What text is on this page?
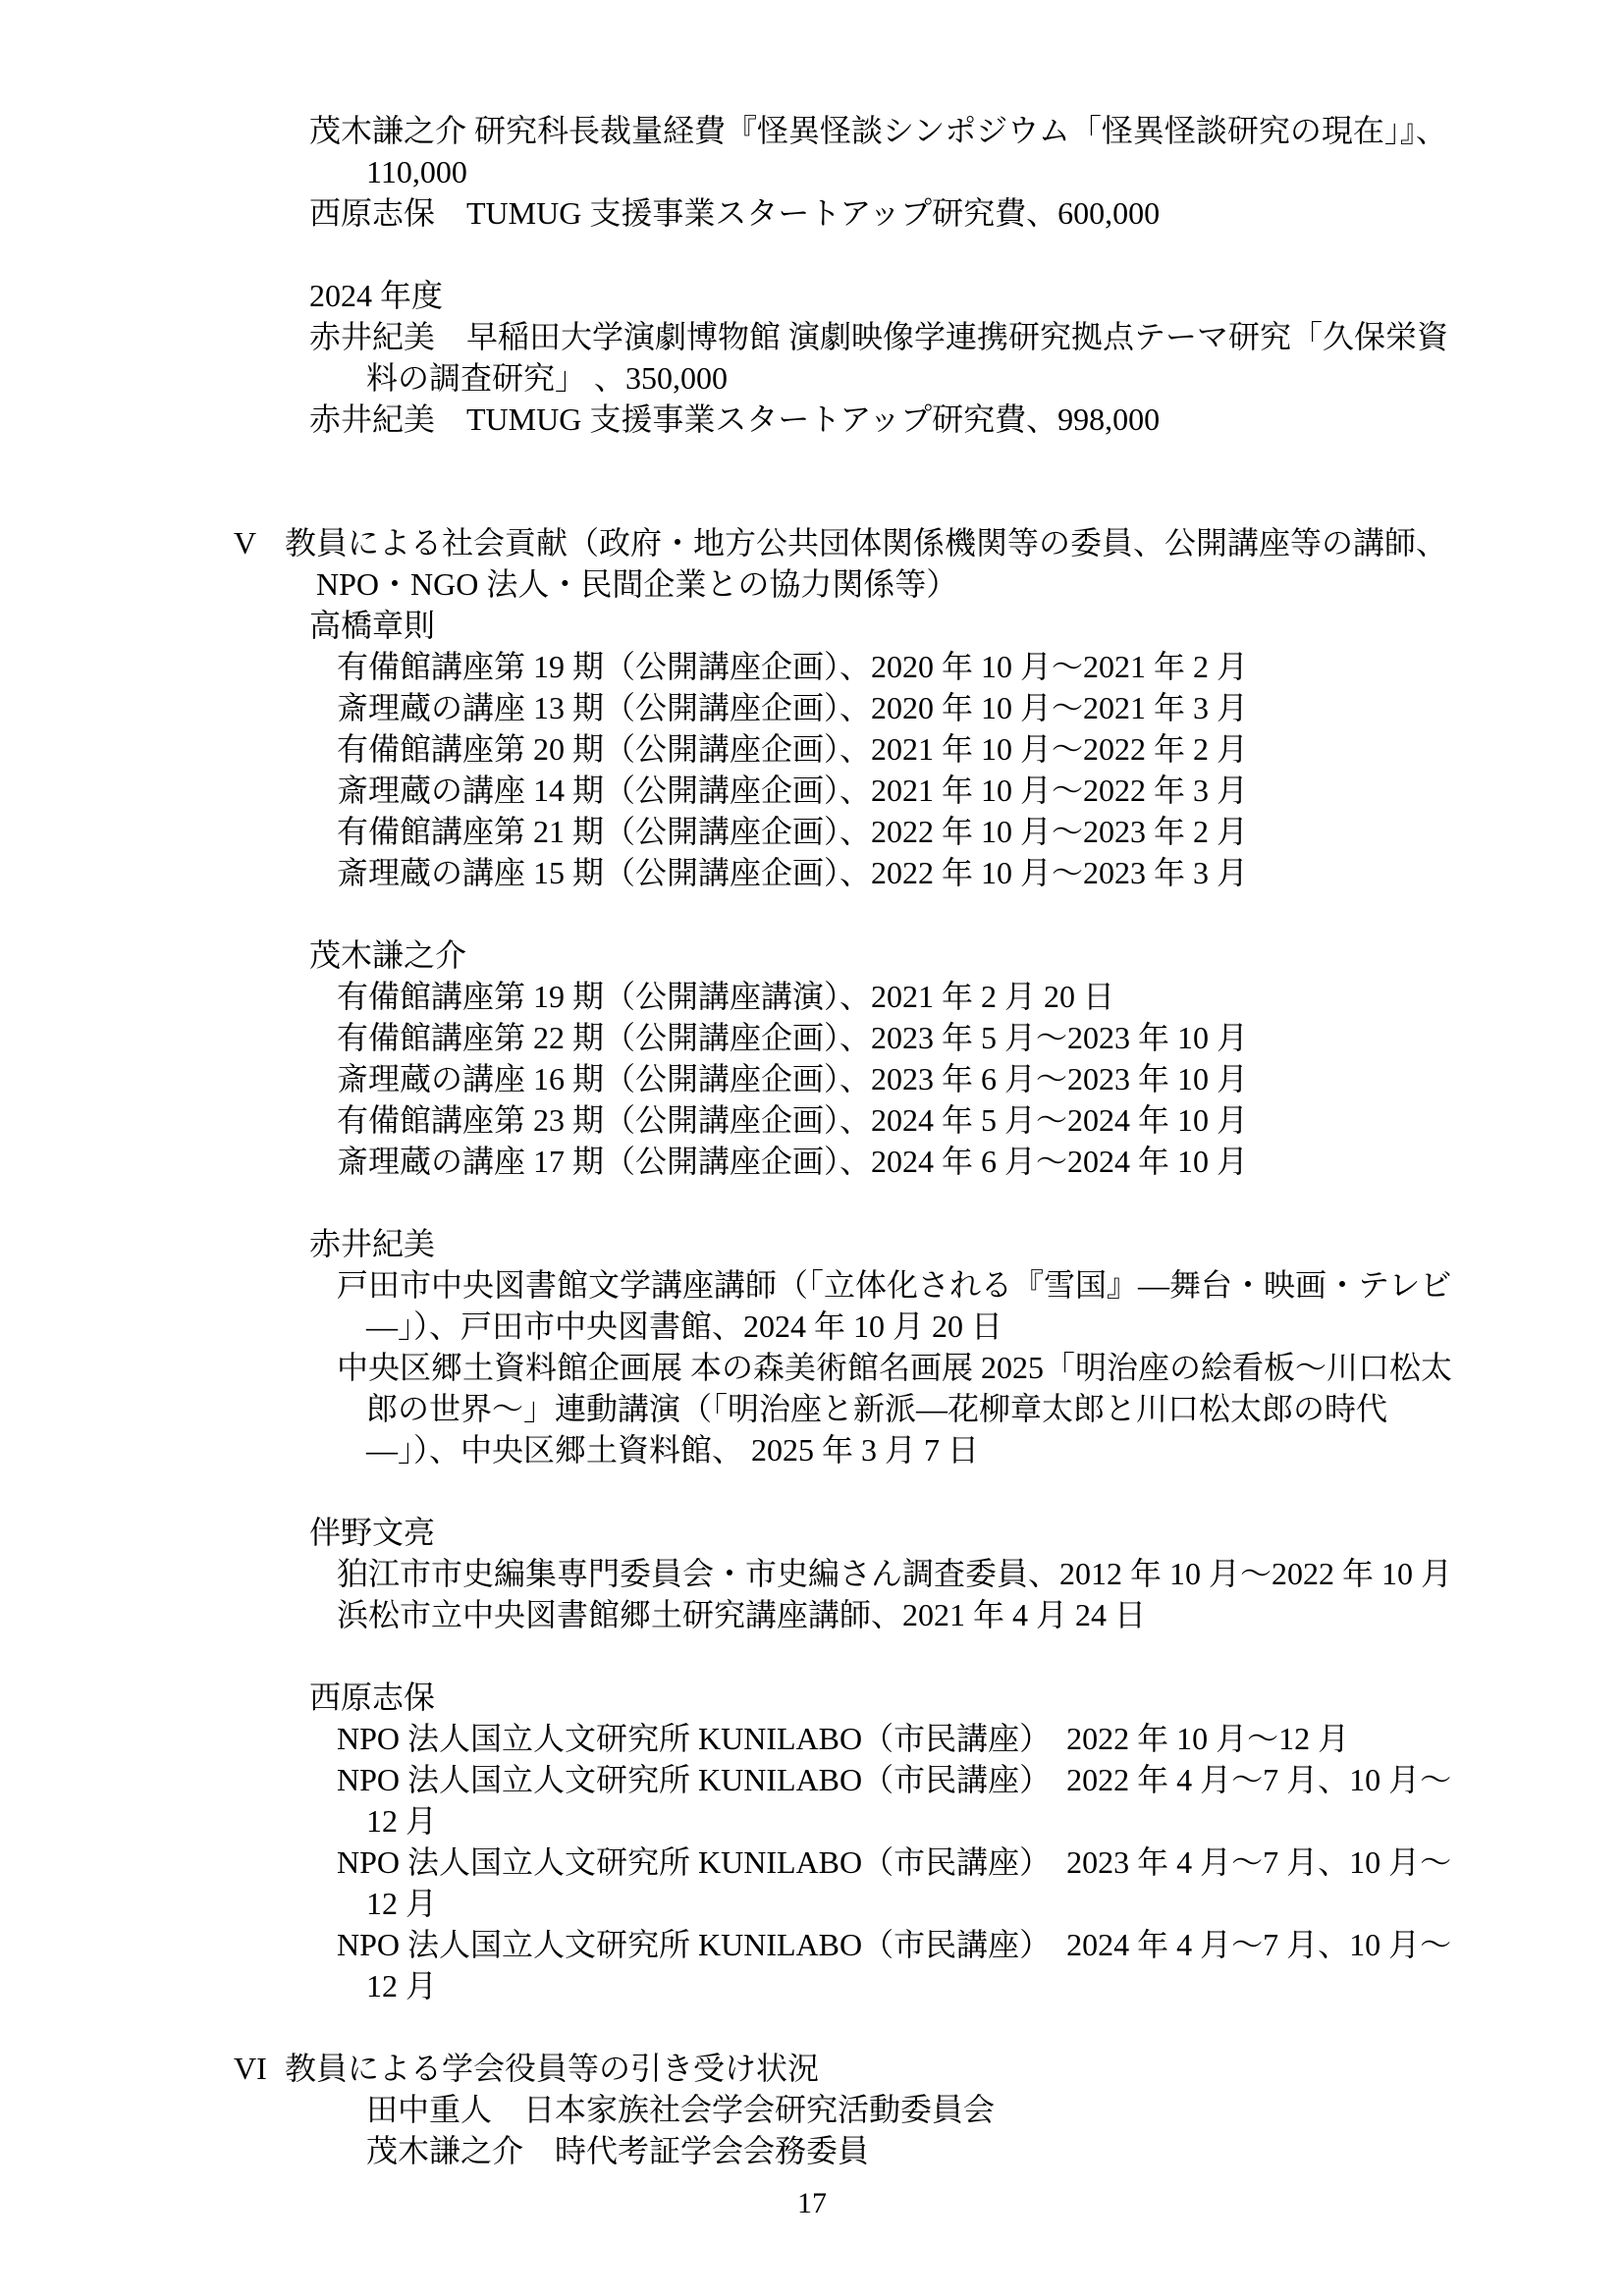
茂木謙之介 研究科長裁量経費『怪異怪談シンポジウム「怪異怪談研究の現在」』、
110,000
西原志保　TUMUG 支援事業スタートアップ研究費、600,000
2024 年度
赤井紀美　早稲田大学演劇博物館 演劇映像学連携研究拠点テーマ研究「久保栄資
料の調査研究」 、350,000
赤井紀美　TUMUG 支援事業スタートアップ研究費、998,000
V 教員による社会貢献（政府・地方公共団体関係機関等の委員、公開講座等の講師、
NPO・NGO 法人・民間企業との協力関係等）
高橋章則
有備館講座第 19 期（公開講座企画）、2020 年 10 月～2021 年 2 月
斎理蔵の講座 13 期（公開講座企画）、2020 年 10 月～2021 年 3 月
有備館講座第 20 期（公開講座企画）、2021 年 10 月～2022 年 2 月
斎理蔵の講座 14 期（公開講座企画）、2021 年 10 月～2022 年 3 月
有備館講座第 21 期（公開講座企画）、2022 年 10 月～2023 年 2 月
斎理蔵の講座 15 期（公開講座企画）、2022 年 10 月～2023 年 3 月
茂木謙之介
有備館講座第 19 期（公開講座講演）、2021 年 2 月 20 日
有備館講座第 22 期（公開講座企画）、2023 年 5 月～2023 年 10 月
斎理蔵の講座 16 期（公開講座企画）、2023 年 6 月～2023 年 10 月
有備館講座第 23 期（公開講座企画）、2024 年 5 月～2024 年 10 月
斎理蔵の講座 17 期（公開講座企画）、2024 年 6 月～2024 年 10 月
赤井紀美
戸田市中央図書館文学講座講師（「立体化される『雪国』―舞台・映画・テレビ
―」）、戸田市中央図書館、2024 年 10 月 20 日
中央区郷土資料館企画展 本の森美術館名画展 2025「明治座の絵看板～川口松太
郎の世界～」連動講演（「明治座と新派―花柳章太郎と川口松太郎の時代
―」）、中央区郷土資料館、 2025 年 3 月 7 日
伴野文亮
狛江市市史編集専門委員会・市史編さん調査委員、2012 年 10 月～2022 年 10 月
浜松市立中央図書館郷土研究講座講師、2021 年 4 月 24 日
西原志保
NPO 法人国立人文研究所 KUNILABO（市民講座）　2022 年 10 月～12 月
NPO 法人国立人文研究所 KUNILABO（市民講座）　2022 年 4 月～7 月、10 月～
12 月
NPO 法人国立人文研究所 KUNILABO（市民講座）　2023 年 4 月～7 月、10 月～
12 月
NPO 法人国立人文研究所 KUNILABO（市民講座）　2024 年 4 月～7 月、10 月～
12 月
VI 教員による学会役員等の引き受け状況
田中重人　日本家族社会学会研究活動委員会
茂木謙之介　時代考証学会会務委員
17
